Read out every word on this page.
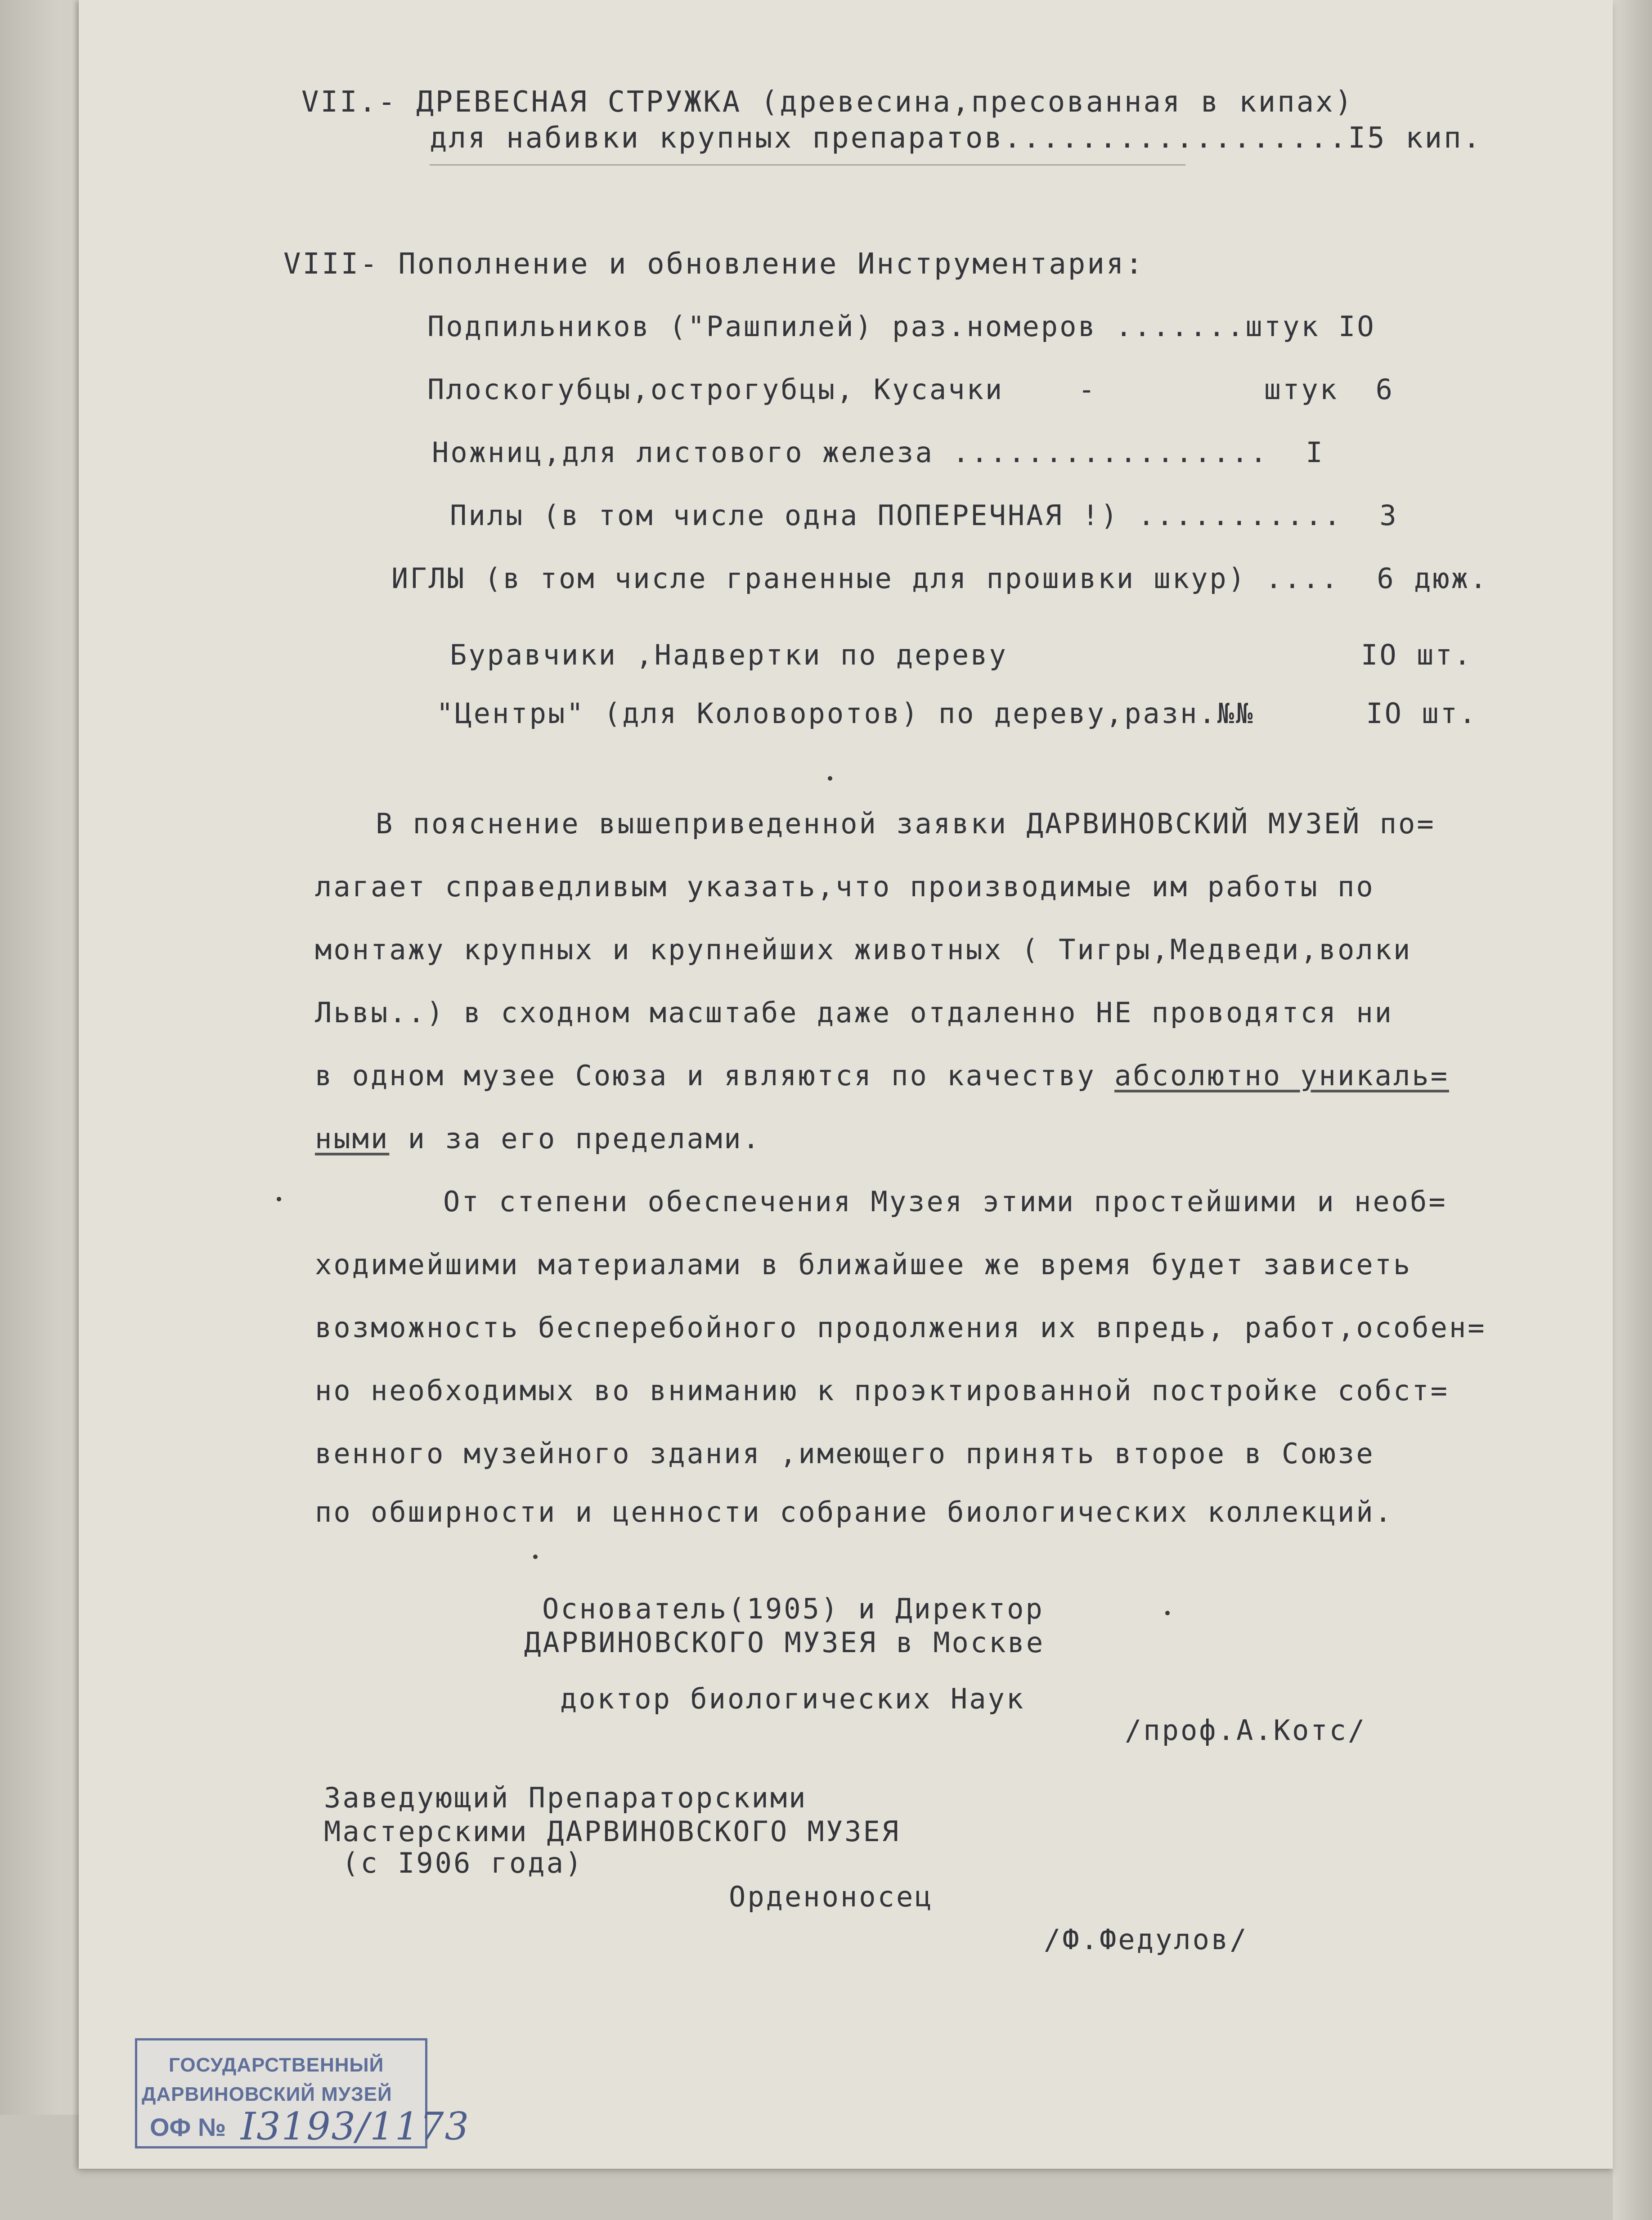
VII.- ДРЕВЕСНАЯ СТРУЖКА (древесина,пресованная в кипах)
для набивки крупных препаратов..................I5 кип.
VIII- Пополнение и обновление Инструментария:
Подпильников ("Рашпилей) раз.номеров .......штук IO
Плоскогубцы,острогубцы, Кусачки    -         штук  6
Ножниц,для листового железа .................  I
Пилы (в том числе одна ПОПЕРЕЧНАЯ !) ...........  3
ИГЛЫ (в том числе граненные для прошивки шкур) ....  6 дюж.
Буравчики ,Надвертки по дереву                   IO шт.
"Центры" (для Коловоротов) по дереву,разн.№№      IO шт.
В пояснение вышеприведенной заявки ДАРВИНОВСКИЙ МУЗЕЙ по=
лагает справедливым указать,что производимые им работы по
монтажу крупных и крупнейших животных ( Тигры,Медведи,волки
Львы..) в сходном масштабе даже отдаленно НЕ проводятся ни
в одном музее Союза и являются по качеству абсолютно уникаль=
ными и за его пределами.
От степени обеспечения Музея этими простейшими и необ=
ходимейшими материалами в ближайшее же время будет зависеть
возможность бесперебойного продолжения их впредь, работ,особен=
но необходимых во вниманию к проэктированной постройке собст=
венного музейного здания ,имеющего принять второе в Союзе
по обширности и ценности собрание биологических коллекций.
Основатель(1905) и Директор
ДАРВИНОВСКОГО МУЗЕЯ в Москве
доктор биологических Наук
/проф.А.Котс/
Заведующий Препараторскими
Мастерскими ДАРВИНОВСКОГО МУЗЕЯ
(с I906 года)
Орденоносец
/Ф.Федулов/
ГОСУДАРСТВЕННЫЙ
ДАРВИНОВСКИЙ МУЗЕЙ
ОФ № I3193/1173
